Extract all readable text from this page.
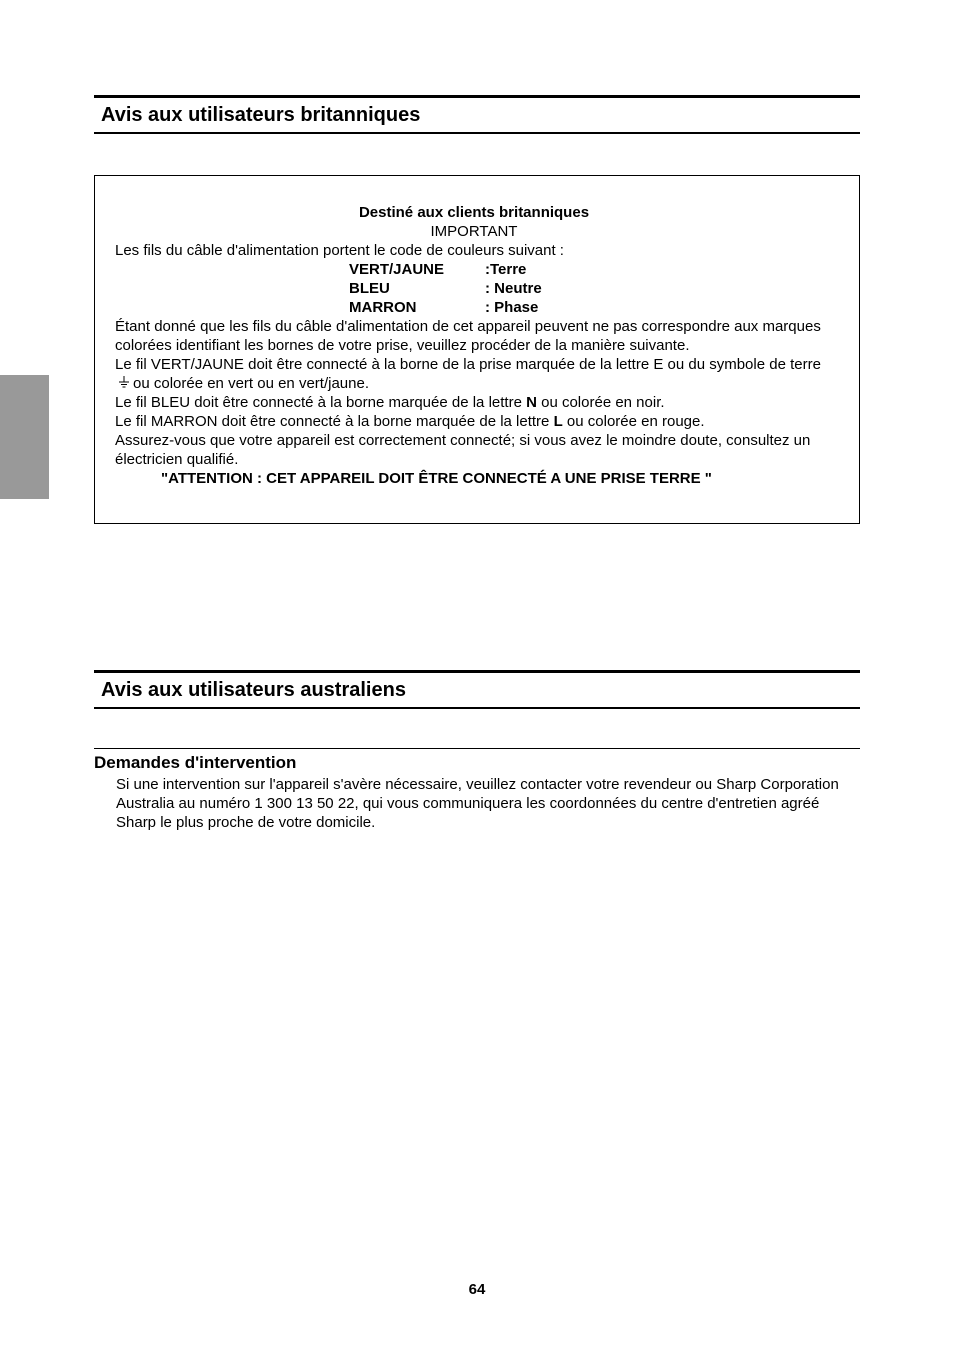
Avis aux utilisateurs britanniques

Destiné aux clients britanniques

IMPORTANT

Les fils du câble d'alimentation portent le code de couleurs suivant :

VERT/JAUNE	:Terre
BLEU	: Neutre
MARRON	: Phase

Étant donné que les fils du câble d'alimentation de cet appareil peuvent ne pas correspondre aux marques colorées identifiant les bornes de votre prise, veuillez procéder de la manière suivante.

Le fil VERT/JAUNE doit être connecté à la borne de la prise marquée de la lettre E ou du symbole de terreou colorée en vert ou en vert/jaune.

Le fil BLEU doit être connecté à la borne marquée de la lettre N ou colorée en noir.

Le fil MARRON doit être connecté à la borne marquée de la lettre L ou colorée en rouge.

Assurez-vous que votre appareil est correctement connecté; si vous avez le moindre doute, consultez un électricien qualifié.

"ATTENTION : CET APPAREIL DOIT ÊTRE CONNECTÉ A UNE PRISE TERRE "

Avis aux utilisateurs australiens
Demandes d'intervention

Si une intervention sur l'appareil s'avère nécessaire, veuillez contacter votre revendeur ou Sharp Corporation Australia au numéro 1 300 13 50 22, qui vous communiquera les coordonnées du centre d'entretien agréé Sharp le plus proche de votre domicile.

64
